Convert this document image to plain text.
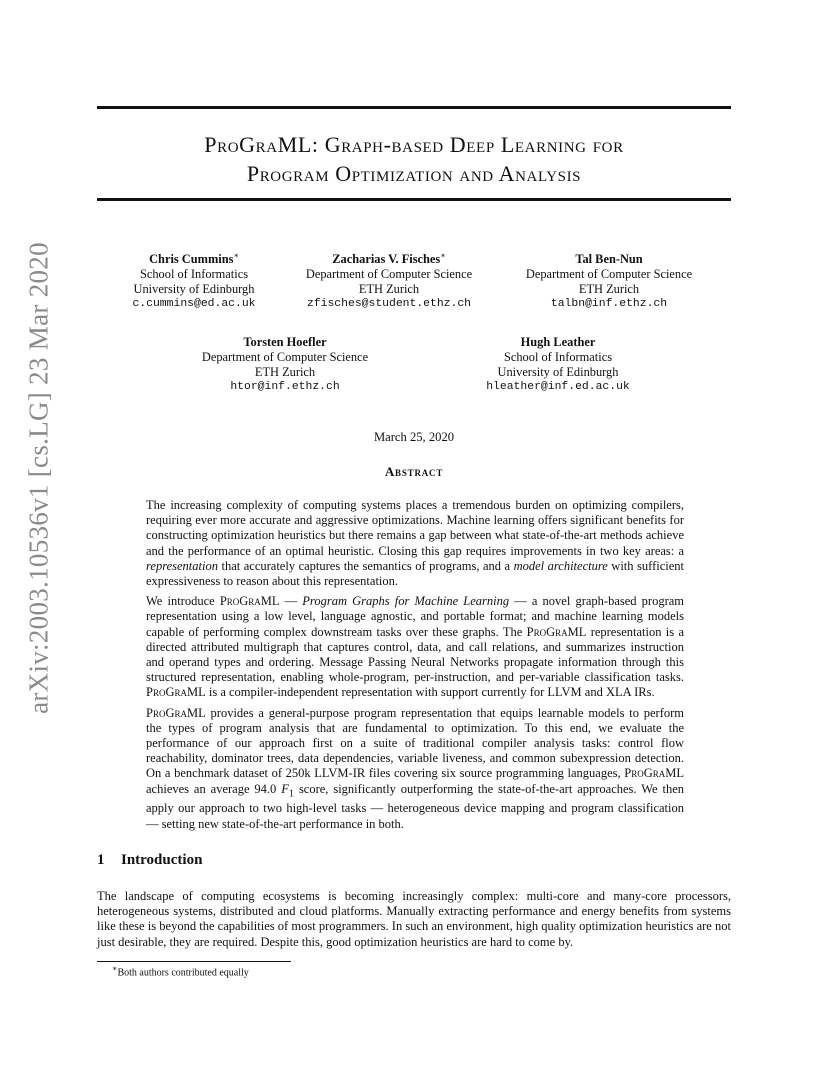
ProGraML: Graph-based Deep Learning for
Program Optimization and Analysis
arXiv:2003.10536v1 [cs.LG] 23 Mar 2020	Chris Cummins∗
School of Informatics
University of Edinburgh
c.cummins@ed.ac.uk
Zacharias V. Fisches∗
Department of Computer Science
ETH Zurich
zfisches@student.ethz.ch
Tal Ben-Nun
Department of Computer Science
ETH Zurich
talbn@inf.ethz.ch
Torsten Hoefler
Department of Computer Science
ETH Zurich
htor@inf.ethz.ch
Hugh Leather
School of Informatics
University of Edinburgh
hleather@inf.ed.ac.uk
March 25, 2020
Abstract

The increasing complexity of computing systems places a tremendous burden on optimizing compilers, requiring ever more accurate and aggressive optimizations. Machine learning offers significant benefits for constructing optimization heuristics but there remains a gap between what state-of-the-art methods achieve and the performance of an optimal heuristic. Closing this gap requires improvements in two key areas: a representation that accurately captures the semantics of programs, and a model architecture with sufficient expressiveness to reason about this representation.

We introduce ProGraML — Program Graphs for Machine Learning — a novel graph-based program representation using a low level, language agnostic, and portable format; and machine learning models capable of performing complex downstream tasks over these graphs. The ProGraML representation is a directed attributed multigraph that captures control, data, and call relations, and summarizes instruction and operand types and ordering. Message Passing Neural Networks propagate information through this structured representation, enabling whole-program, per-instruction, and per-variable classification tasks. ProGraML is a compiler-independent representation with support currently for LLVM and XLA IRs.

ProGraML provides a general-purpose program representation that equips learnable models to perform the types of program analysis that are fundamental to optimization. To this end, we evaluate the performance of our approach first on a suite of traditional compiler analysis tasks: control flow reachability, dominator trees, data dependencies, variable liveness, and common subexpression detection. On a benchmark dataset of 250k LLVM-IR files covering six source programming languages, ProGraML achieves an average 94.0 $F_1$ score, significantly outperforming the state-of-the-art approaches. We then apply our approach to two high-level tasks — heterogeneous device mapping and program classification — setting new state-of-the-art performance in both.

1 Introduction

The landscape of computing ecosystems is becoming increasingly complex: multi-core and many-core processors, heterogeneous systems, distributed and cloud platforms. Manually extracting performance and energy benefits from systems like these is beyond the capabilities of most programmers. In such an environment, high quality optimization heuristics are not just desirable, they are required. Despite this, good optimization heuristics are hard to come by.

∗Both authors contributed equally
